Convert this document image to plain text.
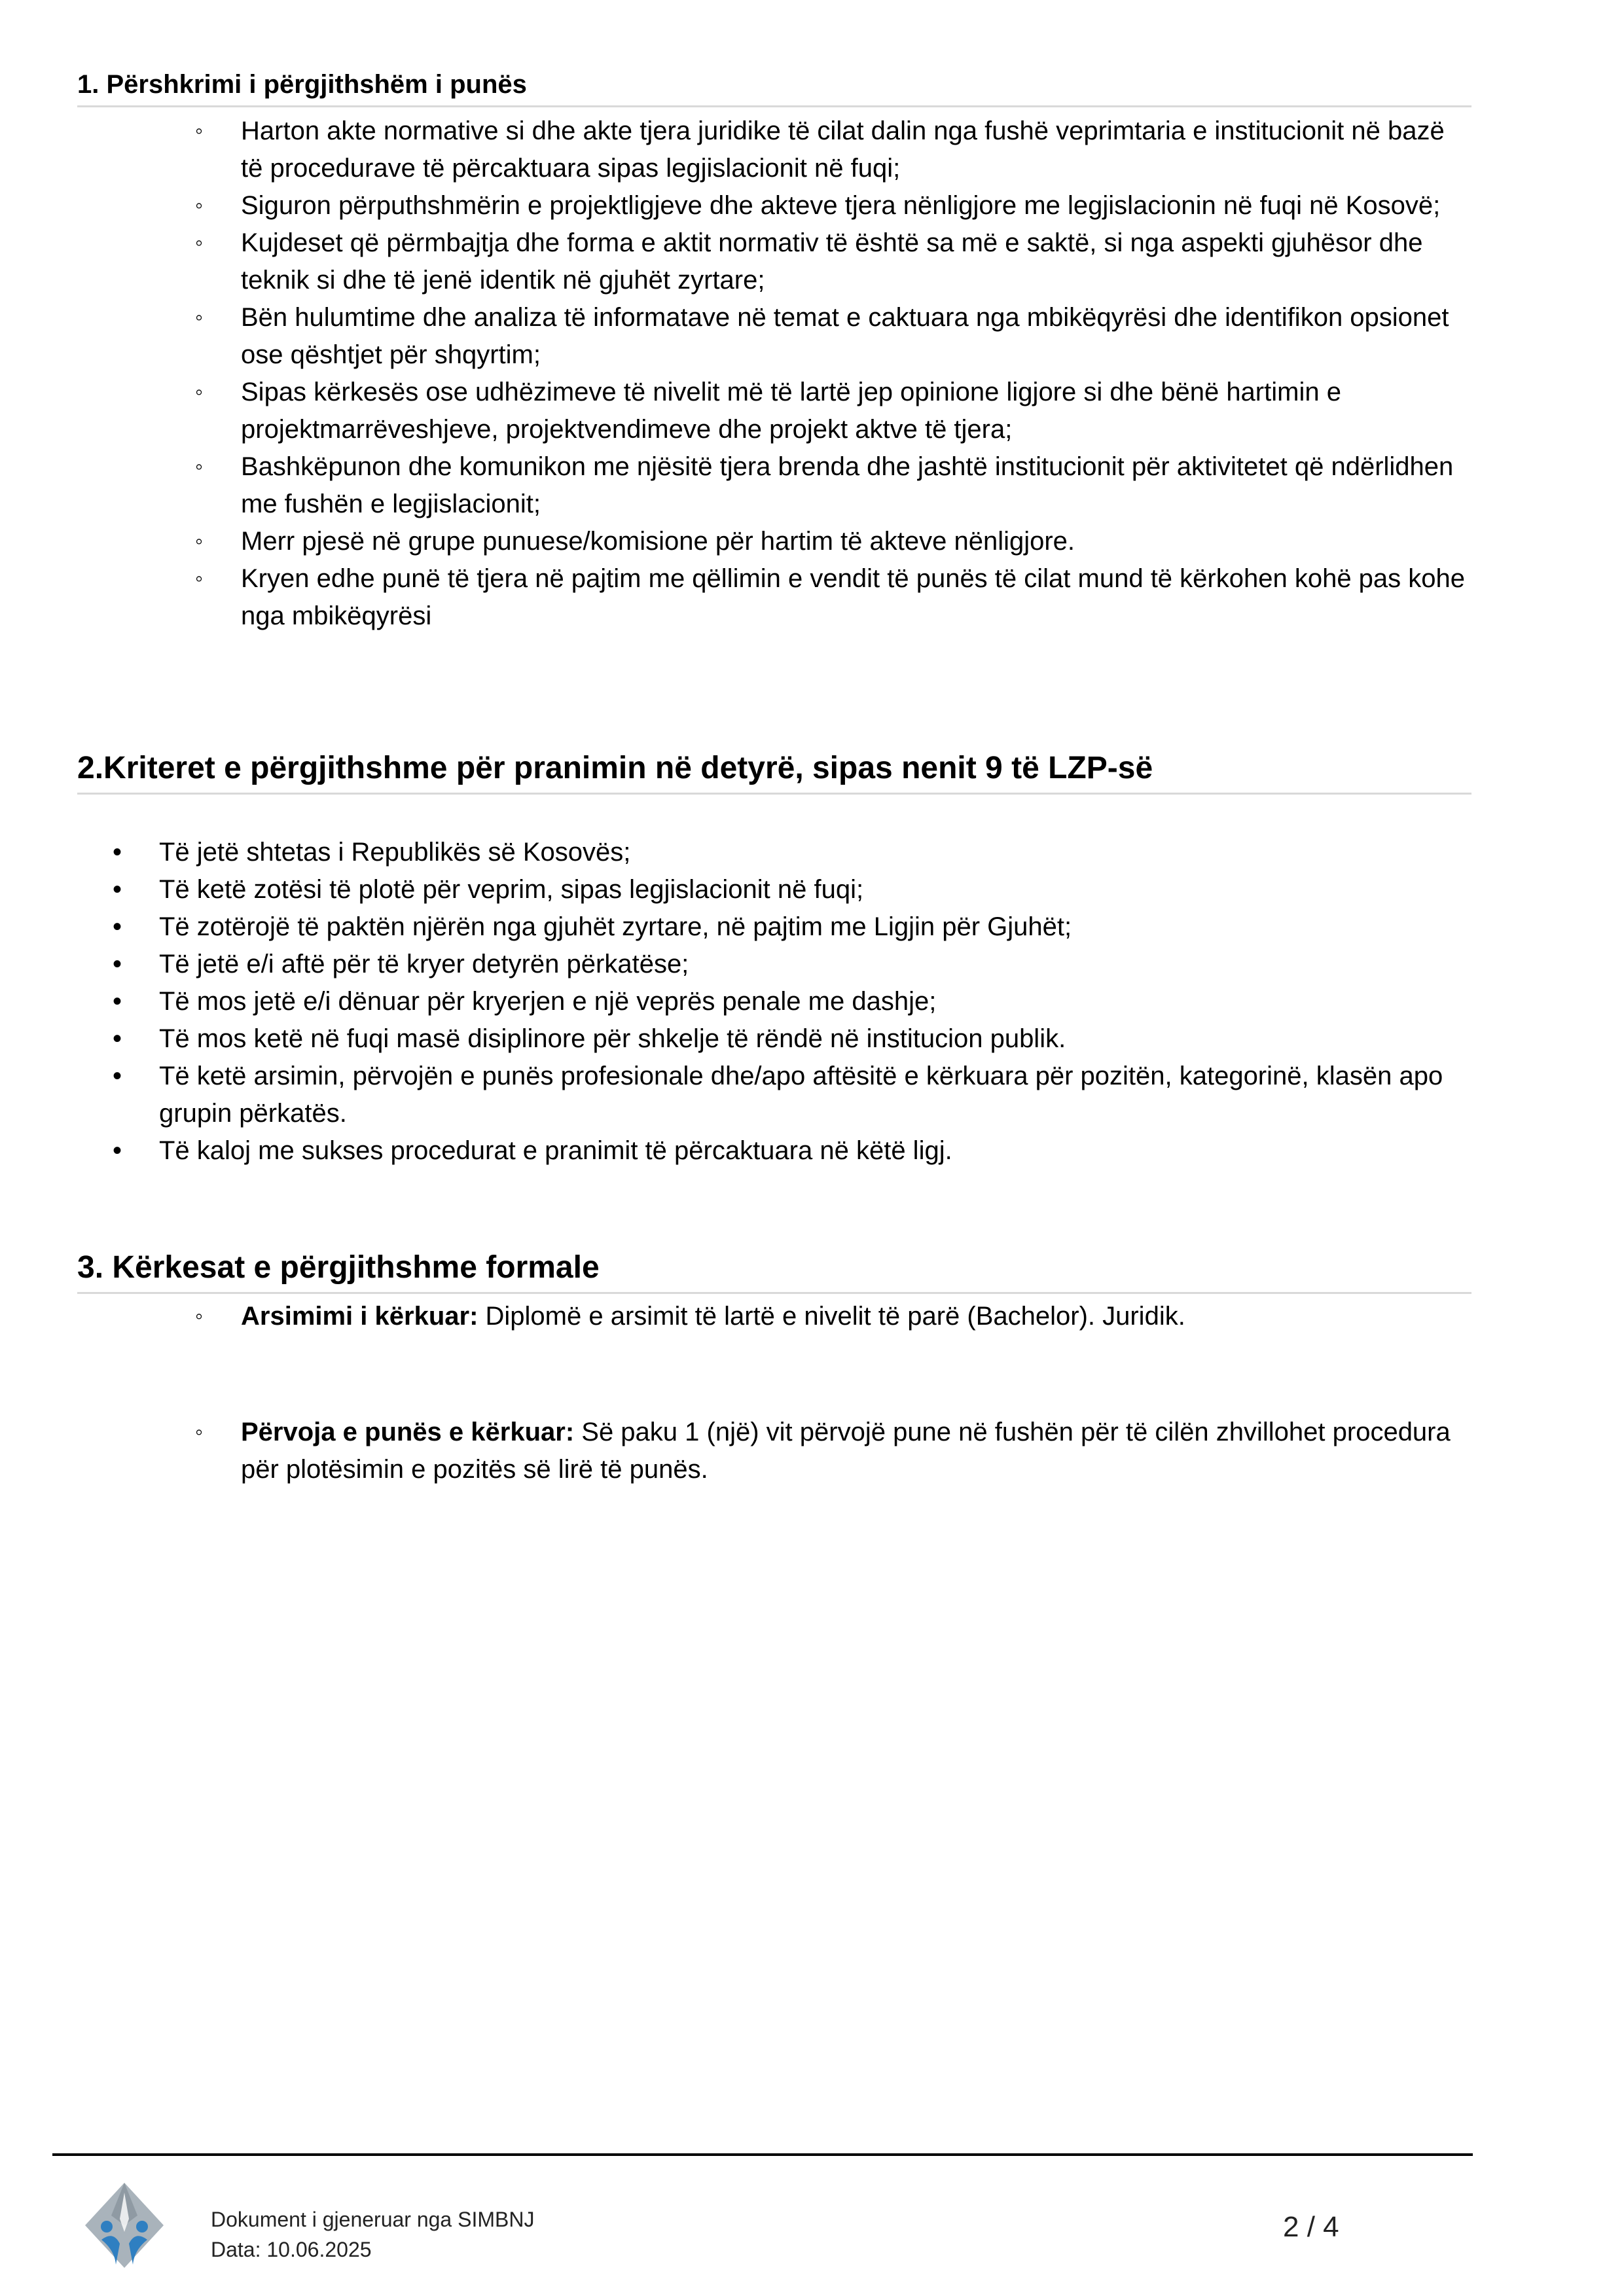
1. Përshkrimi i përgjithshëm i punës
◦ Harton akte normative si dhe akte tjera juridike të cilat dalin nga fushë veprimtaria e institucionit në bazë të procedurave të përcaktuara sipas legjislacionit në fuqi;
◦ Siguron përputhshmërin e projektligjeve dhe akteve tjera nënligjore me legjislacionin në fuqi në Kosovë;
◦ Kujdeset që përmbajtja dhe forma e aktit normativ të është sa më e saktë, si nga aspekti gjuhësor dhe teknik si dhe të jenë identik në gjuhët zyrtare;
◦ Bën hulumtime dhe analiza të informatave në temat e caktuara nga mbikëqyrësi dhe identifikon opsionet ose qështjet për shqyrtim;
◦ Sipas kërkesës ose udhëzimeve të nivelit më të lartë jep opinione ligjore si dhe bënë hartimin e projektmarrëveshjeve, projektvendimeve dhe projekt aktve të tjera;
◦ Bashkëpunon dhe komunikon me njësitë tjera brenda dhe jashtë institucionit për aktivitetet që ndërlidhen me fushën e legjislacionit;
◦ Merr pjesë në grupe punuese/komisione për hartim të akteve nënligjore.
◦ Kryen edhe punë të tjera në pajtim me qëllimin e vendit të punës të cilat mund të kërkohen kohë pas kohe nga mbikëqyrësi
2.Kriteret e përgjithshme për pranimin në detyrë, sipas nenit 9 të LZP-së
• Të jetë shtetas i Republikës së Kosovës;
• Të ketë zotësi të plotë për veprim, sipas legjislacionit në fuqi;
• Të zotërojë të paktën njërën nga gjuhët zyrtare, në pajtim me Ligjin për Gjuhët;
• Të jetë e/i aftë për të kryer detyrën përkatëse;
• Të mos jetë e/i dënuar për kryerjen e një veprës penale me dashje;
• Të mos ketë në fuqi masë disiplinore për shkelje të rëndë në institucion publik.
• Të ketë arsimin, përvojën e punës profesionale dhe/apo aftësitë e kërkuara për pozitën, kategorinë, klasën apo grupin përkatës.
• Të kaloj me sukses procedurat e pranimit të përcaktuara në këtë ligj.
3. Kërkesat e përgjithshme formale
◦ Arsimimi i kërkuar: Diplomë e arsimit të lartë e nivelit të parë (Bachelor). Juridik.
◦ Përvoja e punës e kërkuar: Së paku 1 (një) vit përvojë pune në fushën për të cilën zhvillohet procedura për plotësimin e pozitës së lirë të punës.
Dokument i gjeneruar nga SIMBNJ
Data: 10.06.2025
2 / 4
